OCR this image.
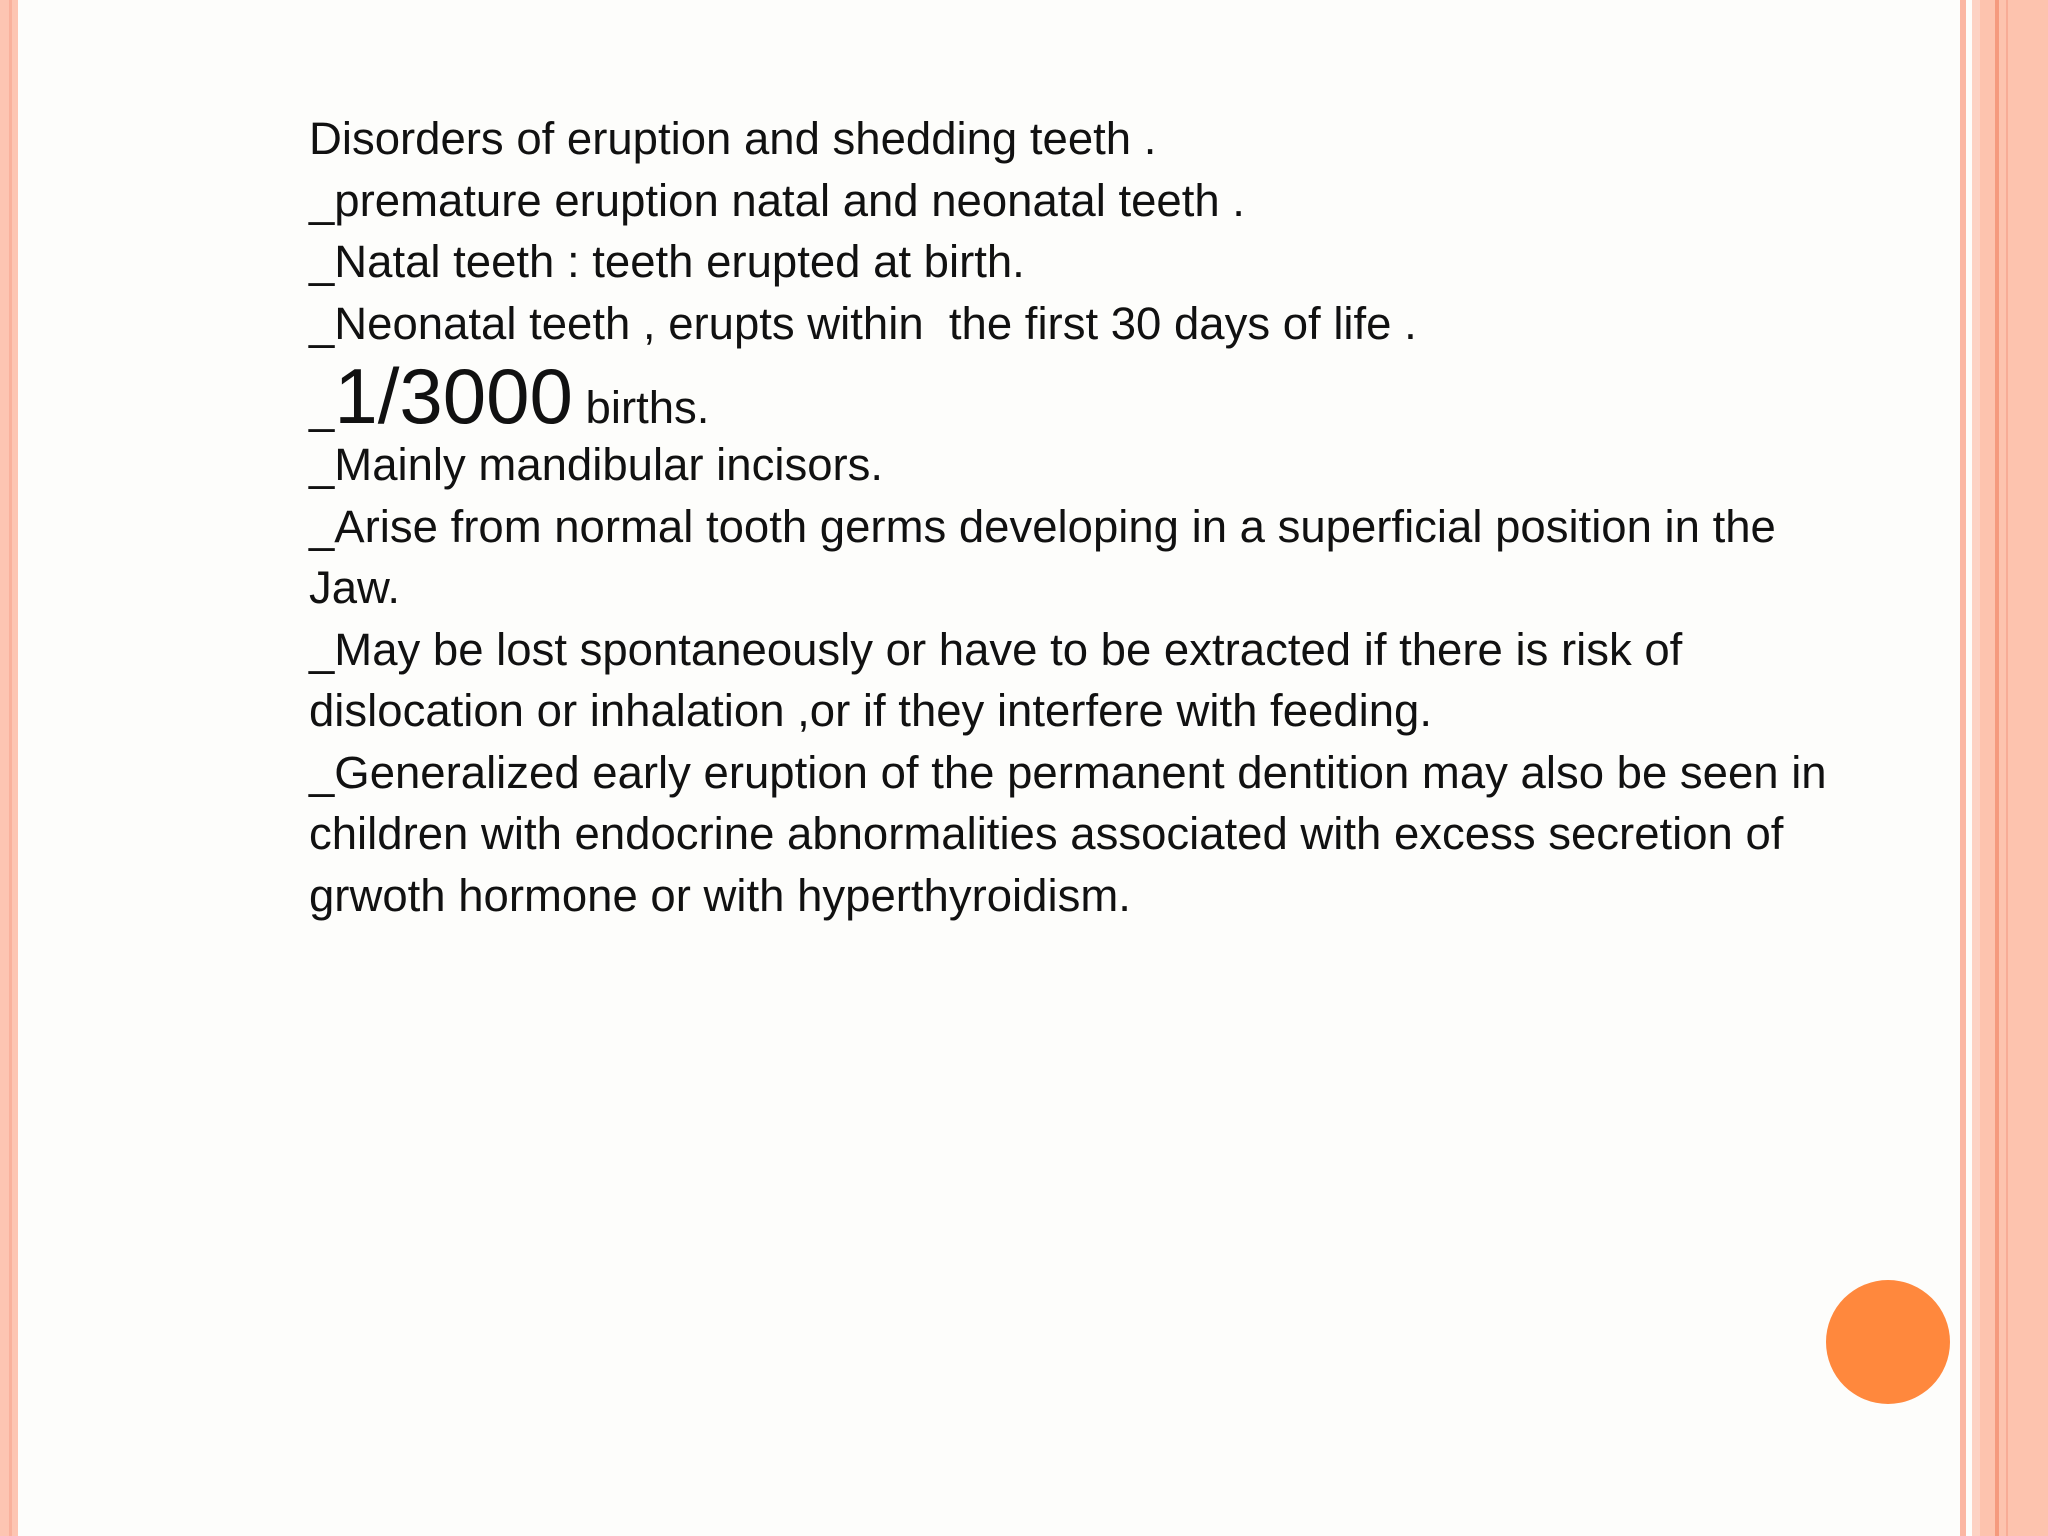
Disorders of eruption and shedding teeth .

_premature eruption natal and neonatal teeth .

_Natal teeth : teeth erupted at birth.

_Neonatal teeth , erupts within  the first 30 days of life .

_1/3000 births.

_Mainly mandibular incisors.

_Arise from normal tooth germs developing in a superficial position in the Jaw.

_May be lost spontaneously or have to be extracted if there is risk of dislocation or inhalation ,or if they interfere with feeding.

_Generalized early eruption of the permanent dentition may also be seen in children with endocrine abnormalities associated with excess secretion of grwoth hormone or with hyperthyroidism.
